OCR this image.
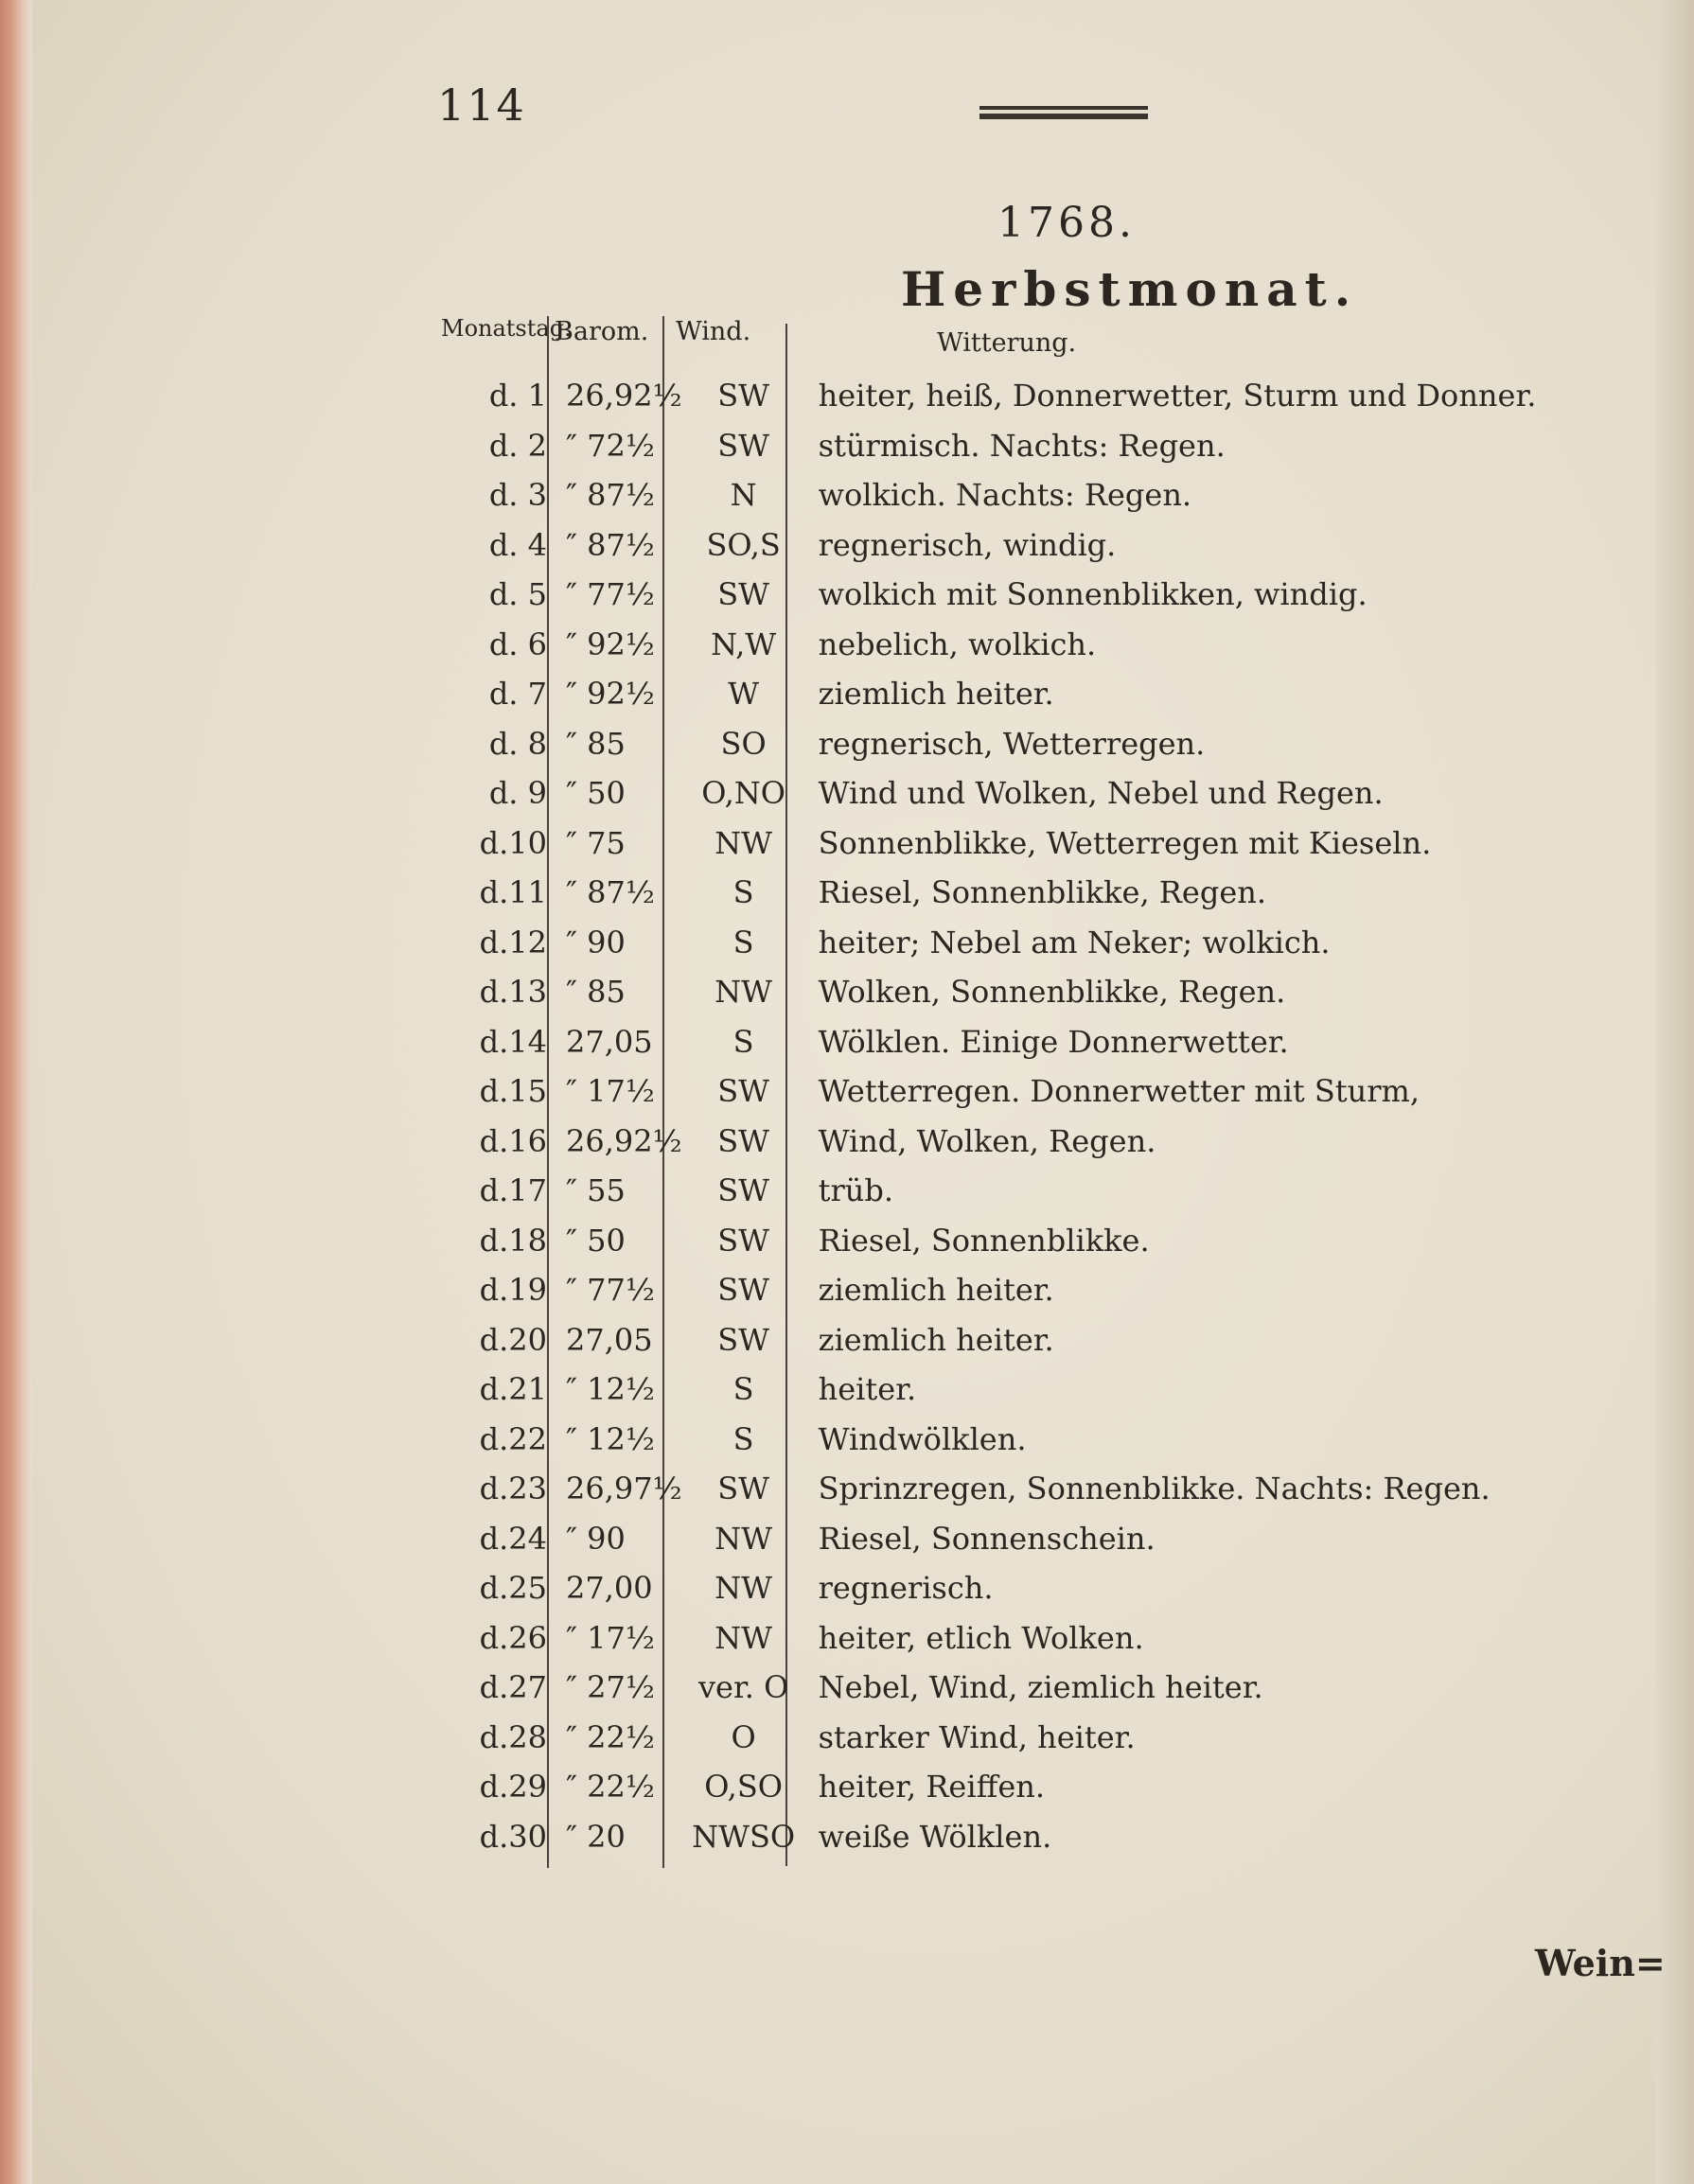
114
1768.
Herbstmonat.
Monatstag.
Barom. Wind.	Witterung.
d. 1	26,92½	SW	heiter, heiß, Donnerwetter, Sturm und Donner.
d. 2	″ 72½	SW	stürmisch. Nachts: Regen.
d. 3	″ 87½	N	wolkich. Nachts: Regen.
d. 4	″ 87½	SO,S	regnerisch, windig.
d. 5	″ 77½	SW	wolkich mit Sonnenblikken, windig.
d. 6	″ 92½	N,W	nebelich, wolkich.
d. 7	″ 92½	W	ziemlich heiter.
d. 8	″ 85	SO	regnerisch, Wetterregen.
d. 9	″ 50	O,NO	Wind und Wolken, Nebel und Regen.
d.10	″ 75	NW	Sonnenblikke, Wetterregen mit Kieseln.
d.11	″ 87½	S	Riesel, Sonnenblikke, Regen.
d.12	″ 90	S	heiter; Nebel am Neker; wolkich.
d.13	″ 85	NW	Wolken, Sonnenblikke, Regen.
d.14	27,05	S	Wölklen. Einige Donnerwetter.
d.15	″ 17½	SW	Wetterregen. Donnerwetter mit Sturm,
d.16	26,92½	SW	Wind, Wolken, Regen.
d.17	″ 55	SW	trüb.
d.18	″ 50	SW	Riesel, Sonnenblikke.
d.19	″ 77½	SW	ziemlich heiter.
d.20	27,05	SW	ziemlich heiter.
d.21	″ 12½	S	heiter.
d.22	″ 12½	S	Windwölklen.
d.23	26,97½	SW	Sprinzregen, Sonnenblikke. Nachts: Regen.
d.24	″ 90	NW	Riesel, Sonnenschein.
d.25	27,00	NW	regnerisch.
d.26	″ 17½	NW	heiter, etlich Wolken.
d.27	″ 27½	ver. O	Nebel, Wind, ziemlich heiter.
d.28	″ 22½	O	starker Wind, heiter.
d.29	″ 22½	O,SO	heiter, Reiffen.
d.30	″ 20	NWSO	weiße Wölklen.
Wein=
